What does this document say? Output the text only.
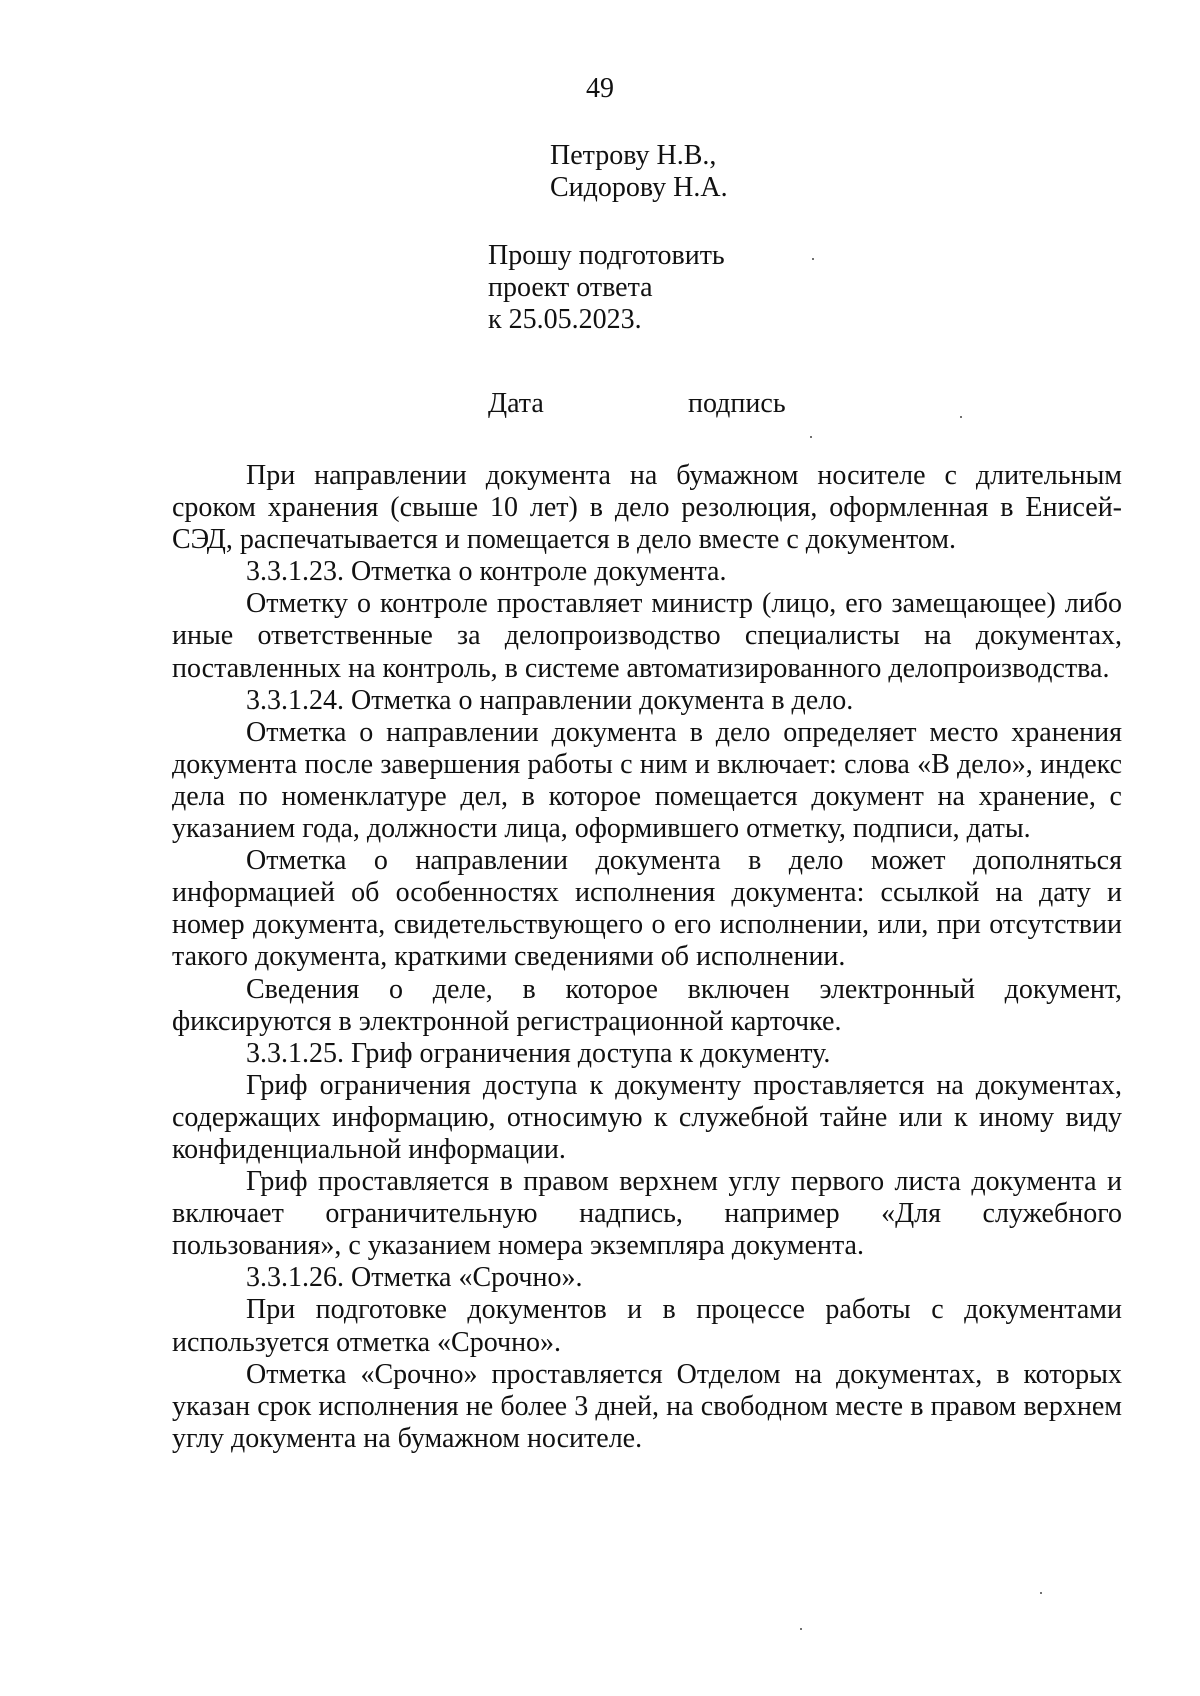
49
Петрову Н.В.,
Сидорову Н.А.
Прошу подготовить
проект ответа
к 25.05.2023.
Дата	подпись

При направлении документа на бумажном носителе с длительным сроком хранения (свыше 10 лет) в дело резолюция, оформленная в Енисей-СЭД, распечатывается и помещается в дело вместе с документом.

3.3.1.23. Отметка о контроле документа.

Отметку о контроле проставляет министр (лицо, его замещающее) либо иные ответственные за делопроизводство специалисты на документах, поставленных на контроль, в системе автоматизированного делопроизводства.

3.3.1.24. Отметка о направлении документа в дело.

Отметка о направлении документа в дело определяет место хранения документа после завершения работы с ним и включает: слова «В дело», индекс дела по номенклатуре дел, в которое помещается документ на хранение, с указанием года, должности лица, оформившего отметку, подписи, даты.

Отметка о направлении документа в дело может дополняться информацией об особенностях исполнения документа: ссылкой на дату и номер документа, свидетельствующего о его исполнении, или, при отсутствии такого документа, краткими сведениями об исполнении.

Сведения о деле, в которое включен электронный документ, фиксируются в электронной регистрационной карточке.

3.3.1.25. Гриф ограничения доступа к документу.

Гриф ограничения доступа к документу проставляется на документах, содержащих информацию, относимую к служебной тайне или к иному виду конфиденциальной информации.

Гриф проставляется в правом верхнем углу первого листа документа и включает ограничительную надпись, например «Для служебного пользования», с указанием номера экземпляра документа.

3.3.1.26. Отметка «Срочно».

При подготовке документов и в процессе работы с документами используется отметка «Срочно».

Отметка «Срочно» проставляется Отделом на документах, в которых указан срок исполнения не более 3 дней, на свободном месте в правом верхнем углу документа на бумажном носителе.
